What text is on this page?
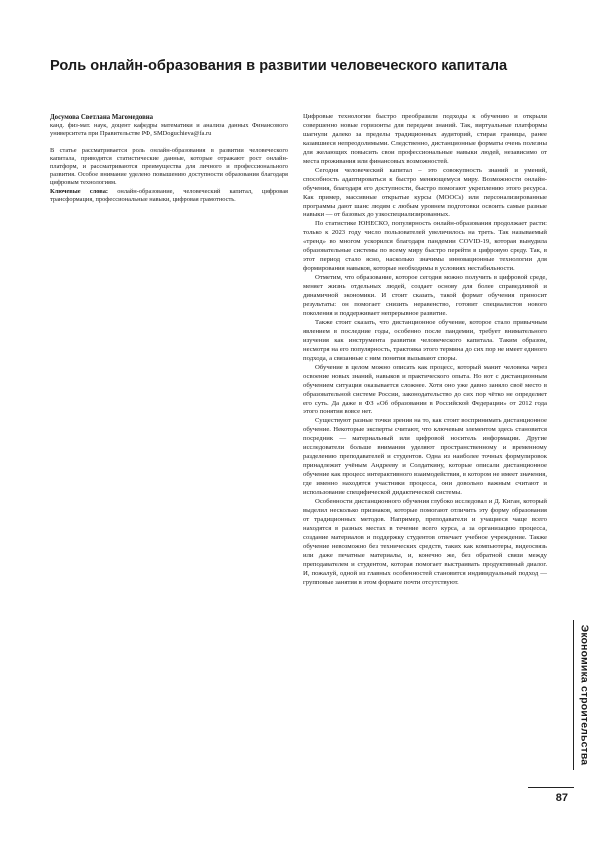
Роль онлайн-образования в развитии человеческого капитала
Досумова Светлана Магомедовна
канд. физ-мат. наук, доцент кафедры математики и анализа данных Финансового университета при Правительстве РФ, SMDoguchieva@fa.ru

В статье рассматривается роль онлайн-образования в развитии человеческого капитала, приводятся статистические данные, которые отражают рост онлайн-платформ, и рассматриваются преимущества для личного и профессионального развития. Особое внимание уделено повышению доступности образования благодаря цифровым технологиям.

Ключевые слова: онлайн-образование, человеческий капитал, цифровая трансформация, профессиональные навыки, цифровая грамотность.

Цифровые технологии быстро преобразили подходы к обучению и открыли совершенно новые горизонты для передачи знаний. Так, виртуальные платформы шагнули далеко за пределы традиционных аудиторий, стирая границы, ранее казавшиеся непреодолимыми. Следственно, дистанционные форматы очень полезны для желающих повысить свои профессиональные навыки людей, независимо от места проживания или финансовых возможностей.

Сегодня человеческий капитал – это совокупность знаний и умений, способность адаптироваться к быстро меняющемуся миру. Возможности онлайн-обучения, благодаря его доступности, быстро помогают укреплению этого ресурса. Как пример, массивные открытые курсы (MOOCs) или персонализированные программы дают шанс людям с любым уровнем подготовки освоить самые разные навыки — от базовых до узкоспециализированных.

По статистике ЮНЕСКО, популярность онлайн-образования продолжает расти: только к 2023 году число пользователей увеличилось на треть. Так называемый «тренд» во многом ускорился благодаря пандемии COVID-19, которая вынудила образовательные системы по всему миру быстро перейти в цифровую среду. Так, в этот период стало ясно, насколько значимы инновационные технологии для формирования навыков, которые необходимы в условиях нестабильности.

Отметим, что образование, которое сегодня можно получить в цифровой среде, меняет жизнь отдельных людей, создает основу для более справедливой и динамичной экономики. И стоит сказать, такой формат обучения приносит результаты: он помогает снизить неравенство, готовит специалистов нового поколения и поддерживает непрерывное развитие.

Также стоит сказать, что дистанционное обучение, которое стало привычным явлением в последние годы, особенно после пандемии, требует внимательного изучения как инструмента развития человеческого капитала. Таким образом, несмотря на его популярность, трактовка этого термина до сих пор не имеет единого подхода, а связанные с ним понятия вызывают споры.

Обучение в целом можно описать как процесс, который манит человека через освоение новых знаний, навыков и практического опыта. Но вот с дистанционным обучением ситуация оказывается сложнее. Хотя оно уже давно заняло своё место в образовательной системе России, законодательство до сих пор чётко не определяет его суть. Да даже в ФЗ «Об образовании в Российской Федерации» от 2012 года этого понятия вовсе нет.

Существуют разные точки зрения на то, как стоит воспринимать дистанционное обучение. Некоторые эксперты считают, что ключевым элементом здесь становится посредник — материальный или цифровой носитель информации. Другие исследователи больше внимания уделяют пространственному и временному разделению преподавателей и студентов. Одна из наиболее точных формулировок принадлежит учёным Андрееву и Солдаткину, которые описали дистанционное обучение как процесс интерактивного взаимодействия, в котором не имеет значения, где именно находятся участники процесса, они довольно важным считают и использование специфической дидактической системы.

Особенности дистанционного обучения глубоко исследовал и Д. Киган, который выделил несколько признаков, которые помогают отличить эту форму образования от традиционных методов. Например, преподаватели и учащиеся чаще всего находятся в разных местах в течение всего курса, а за организацию процесса, создание материалов и поддержку студентов отвечает учебное учреждение. Также обучение невозможно без технических средств, таких как компьютеры, видеосвязь или даже печатные материалы, и, конечно же, без обратной связи между преподавателем и студентом, которая помогает выстраивать продуктивный диалог. И, пожалуй, одной из главных особенностей становится индивидуальный подход — групповые занятия в этом формате почти отсутствуют.

Экономика строительства
87
